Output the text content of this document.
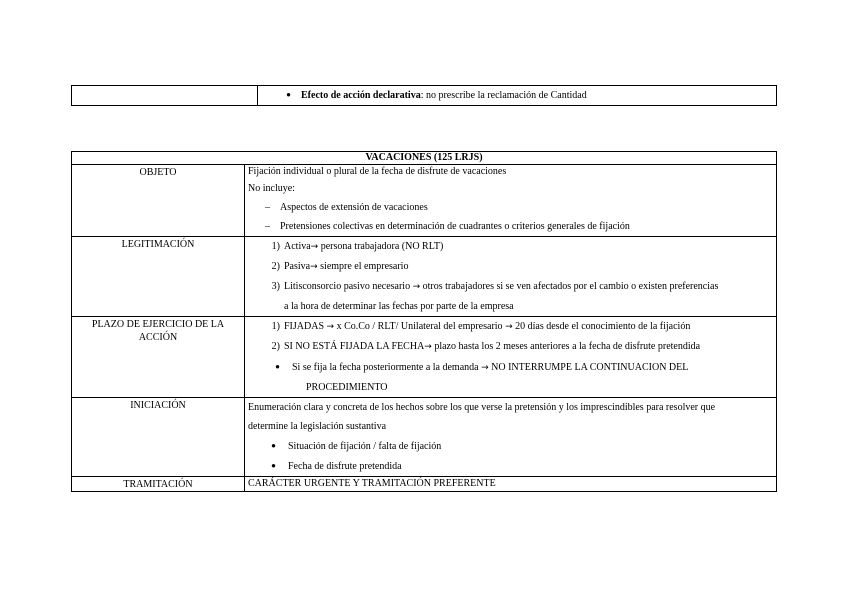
● Efecto de acción declarativa: no prescribe la reclamación de Cantidad
VACACIONES (125 LRJS)	

OBJETO	Fijación individual o plural de la fecha de disfrute de vacaciones
No incluye:
– Aspectos de extensión de vacaciones
– Pretensiones colectivas en determinación de cuadrantes o criterios generales de fijación

LEGITIMACIÓN	1) Activa→ persona trabajadora (NO RLT)
2) Pasiva→ siempre el empresario
3) Litisconsorcio pasivo necesario → otros trabajadores si se ven afectados por el cambio o existen preferencias
a la hora de determinar las fechas por parte de la empresa

PLAZO DE EJERCICIO DE LA ACCIÓN	1) FIJADAS → x Co.Co / RLT/ Unilateral del empresario → 20 días desde el conocimiento de la fijación
2) SI NO ESTÁ FIJADA LA FECHA→ plazo hasta los 2 meses anteriores a la fecha de disfrute pretendida
● Si se fija la fecha posteriormente a la demanda → NO INTERRUMPE LA CONTINUACION DEL
PROCEDIMIENTO

INICIACIÓN	Enumeración clara y concreta de los hechos sobre los que verse la pretensión y los imprescindibles para resolver que
determine la legislación sustantiva
● Situación de fijación / falta de fijación
● Fecha de disfrute pretendida

TRAMITACIÓN	CARÁCTER URGENTE Y TRAMITACIÓN PREFERENTE
